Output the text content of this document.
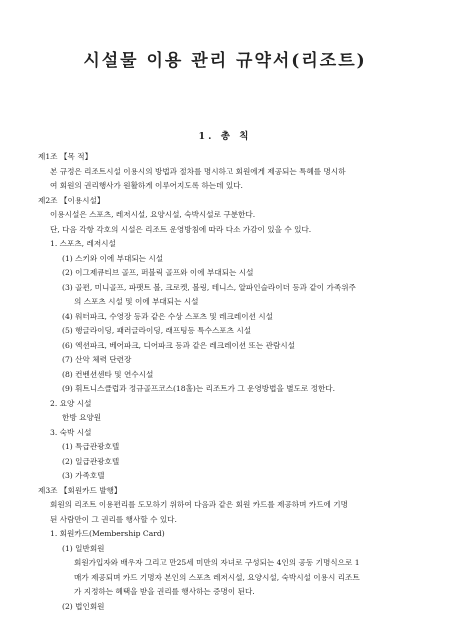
시설물 이용 관리 규약서(리조트)
1. 총 칙
제1조 【목 적】
본 규정은 리조트시설 이용시의 방법과 절차를 명시하고 회원에게 제공되는 특혜를 명시하
여 회원의 권리행사가 원활하게 이루어지도록 하는데 있다.
제2조 【이용시설】
이용시설은 스포츠, 레저시설, 요양시설, 숙박시설로 구분한다.
단, 다음 각항 각호의 시설은 리조트 운영방침에 따라 다소 가감이 있을 수 있다.
1. 스포츠, 레저시설
(1) 스키와 이에 부대되는 시설
(2) 이그제큐티브 골프, 퍼블릭 골프와 이에 부대되는 시설
(3) 골편, 미니골프, 파팻트 볼, 크로켓, 볼링, 테니스, 알파인슬라이더 등과 같이 가족위주
의 스포츠 시설 및 이에 부대되는 시설
(4) 워터파크, 수영장 등과 같은 수상 스포츠 및 레크레이션 시설
(5) 행글라이딩, 패러글라이딩, 래프팅등 특수스포츠 시설
(6) 엑션파크, 베어파크, 디어파크 등과 같은 레크레이션 또는 관람시설
(7) 산악 체력 단련장
(8) 컨벤션센타 및 연수시설
(9) 휘트니스클럽과 정규골프코스(18홀)는 리조트가 그 운영방법을 별도로 정한다.
2. 요양 시설
한방 요양원
3. 숙박 시설
(1) 특급관광호텔
(2) 일급관광호텔
(3) 가족호텔
제3조 【회원카드 발행】
회원의 리조트 이용편리를 도모하기 위하여 다음과 같은 회원 카드를 제공하며 카드에 기명
된 사람만이 그 권리를 행사할 수 있다.
1. 회원카드(Membership Card)
(1) 일반회원
회원가입자와 배우자 그리고 만25세 미만의 자녀로 구성되는 4인의 공동 기명식으로 1
매가 제공되며 카드 기명자 본인의 스포츠 레저시설, 요양시설, 숙박시설 이용시 리조트
가 지정하는 혜택을 받을 권리를 행사하는 증명이 된다.
(2) 법인회원
